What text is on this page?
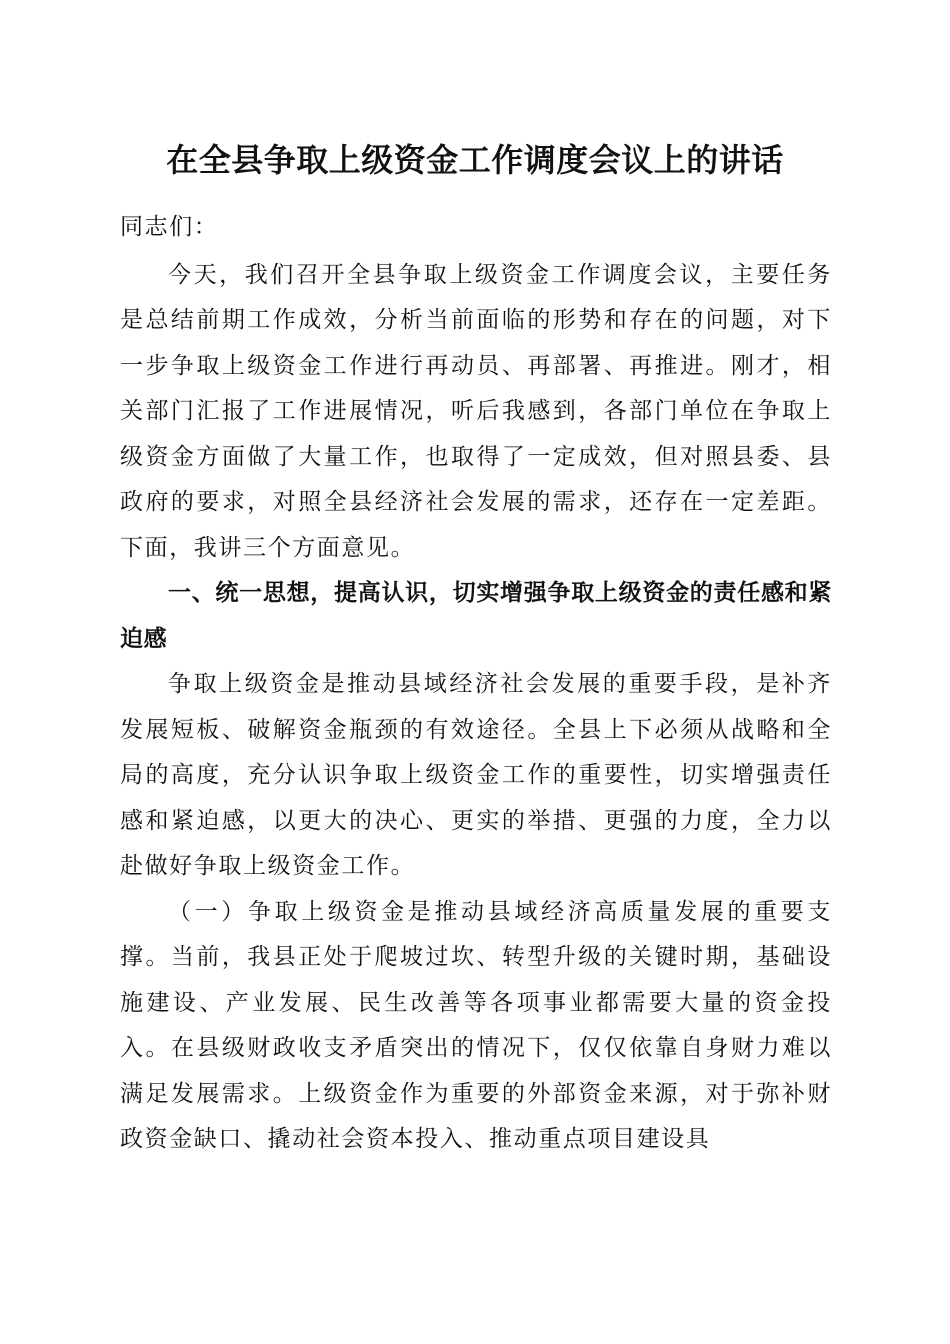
在全县争取上级资金工作调度会议上的讲话

同志们：

今天，我们召开全县争取上级资金工作调度会议，主要任务是总结前期工作成效，分析当前面临的形势和存在的问题，对下一步争取上级资金工作进行再动员、再部署、再推进。刚才，相关部门汇报了工作进展情况，听后我感到，各部门单位在争取上级资金方面做了大量工作，也取得了一定成效，但对照县委、县政府的要求，对照全县经济社会发展的需求，还存在一定差距。下面，我讲三个方面意见。

一、统一思想，提高认识，切实增强争取上级资金的责任感和紧迫感

争取上级资金是推动县域经济社会发展的重要手段，是补齐发展短板、破解资金瓶颈的有效途径。全县上下必须从战略和全局的高度，充分认识争取上级资金工作的重要性，切实增强责任感和紧迫感，以更大的决心、更实的举措、更强的力度，全力以赴做好争取上级资金工作。

（一）争取上级资金是推动县域经济高质量发展的重要支撑。当前，我县正处于爬坡过坎、转型升级的关键时期，基础设施建设、产业发展、民生改善等各项事业都需要大量的资金投入。在县级财政收支矛盾突出的情况下，仅仅依靠自身财力难以满足发展需求。上级资金作为重要的外部资金来源，对于弥补财政资金缺口、撬动社会资本投入、推动重点项目建设具
